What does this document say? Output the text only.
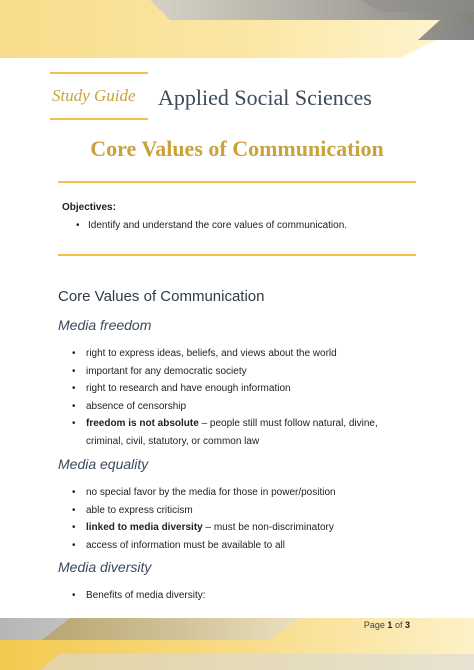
Study Guide Applied Social Sciences
Core Values of Communication
Objectives:
• Identify and understand the core values of communication.
Core Values of Communication
Media freedom
• right to express ideas, beliefs, and views about the world
• important for any democratic society
• right to research and have enough information
• absence of censorship
• freedom is not absolute – people still must follow natural, divine, criminal, civil, statutory, or common law
Media equality
• no special favor by the media for those in power/position
• able to express criticism
• linked to media diversity – must be non-discriminatory
• access of information must be available to all
Media diversity
• Benefits of media diversity:
Page 1 of 3
